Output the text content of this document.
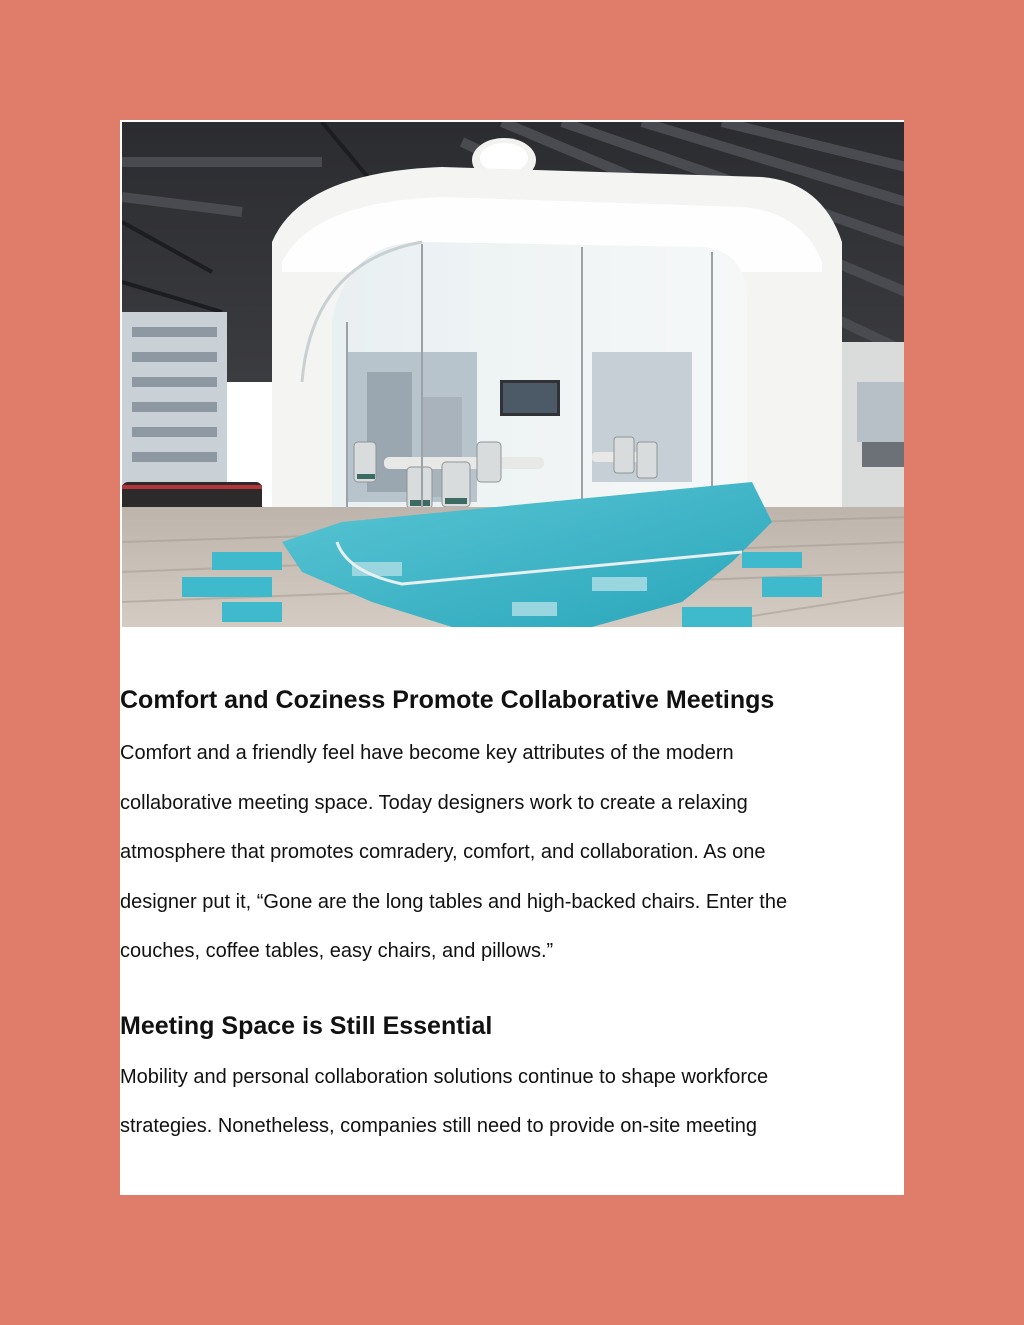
Comfort and Coziness Promote Collaborative Meetings

Comfort and a friendly feel have become key attributes of the modern
collaborative meeting space. Today designers work to create a relaxing
atmosphere that promotes comradery, comfort, and collaboration. As one
designer put it, “Gone are the long tables and high-backed chairs. Enter the
couches, coffee tables, easy chairs, and pillows.”

Meeting Space is Still Essential

Mobility and personal collaboration solutions continue to shape workforce
strategies. Nonetheless, companies still need to provide on-site meeting
